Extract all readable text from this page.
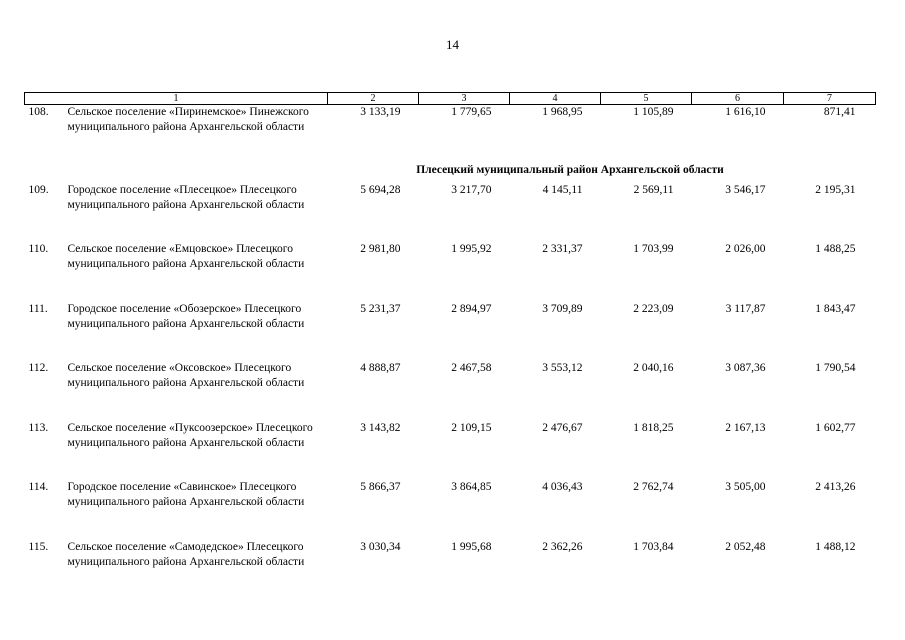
14
1	2	3	4	5	6	7

108. Сельское поселение «Пиринемское» Пинежского муниципального района Архангельской области	3 133,19	1 779,65	1 968,95	1 105,89	1 616,10	871,41
Плесецкий муниципальный район Архангельской области						

109. Городское поселение «Плесецкое» Плесецкого муниципального района Архангельской области	5 694,28	3 217,70	4 145,11	2 569,11	3 546,17	2 195,31

110. Сельское поселение «Емцовское» Плесецкого муниципального района Архангельской области	2 981,80	1 995,92	2 331,37	1 703,99	2 026,00	1 488,25

111. Городское поселение «Обозерское» Плесецкого муниципального района Архангельской области	5 231,37	2 894,97	3 709,89	2 223,09	3 117,87	1 843,47

112. Сельское поселение «Оксовское» Плесецкого муниципального района Архангельской области	4 888,87	2 467,58	3 553,12	2 040,16	3 087,36	1 790,54

113. Сельское поселение «Пуксоозерское» Плесецкого муниципального района Архангельской области	3 143,82	2 109,15	2 476,67	1 818,25	2 167,13	1 602,77

114. Городское поселение «Савинское» Плесецкого муниципального района Архангельской области	5 866,37	3 864,85	4 036,43	2 762,74	3 505,00	2 413,26

115. Сельское поселение «Самодедское» Плесецкого муниципального района Архангельской области	3 030,34	1 995,68	2 362,26	1 703,84	2 052,48	1 488,12
